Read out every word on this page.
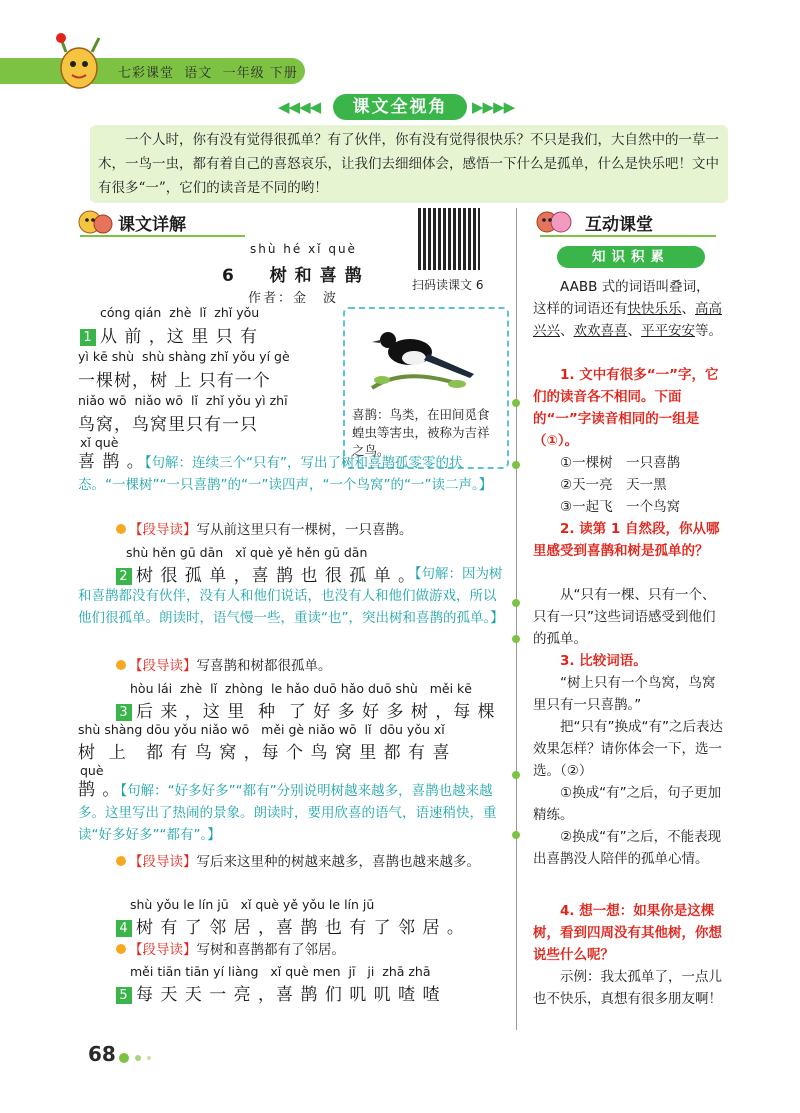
七彩课堂 语文 一年级 下册
◀◀◀◀	课文全视角	▶▶▶▶
一个人时，你有没有觉得很孤单？有了伙伴，你有没有觉得很快乐？不只是我们，大自然中的一草一木，一鸟一虫，都有着自己的喜怒哀乐，让我们去细细体会，感悟一下什么是孤单，什么是快乐吧！文中有很多“一”，它们的读音是不同的哟！
课文详解
shù hé xǐ què
6 树和喜鹊
作者：金　波
扫码读课文 6
喜鹊：鸟类，在田间觅食蝗虫等害虫，被称为吉祥之鸟。
cóng qián  zhè  lǐ  zhǐ yǒu
1 从 前 ，这 里 只 有
yì kē shù  shù shàng zhǐ yǒu yí gè
一棵树，树 上 只有一个
niǎo wō  niǎo wō  lǐ  zhǐ yǒu yì zhī
鸟窝，鸟窝里只有一只
xǐ què
喜 鹊 。【句解：连续三个“只有”，写出了树和喜鹊孤零零的状态。“一棵树”“一只喜鹊”的“一”读四声，“一个鸟窝”的“一”读二声。】
【段导读】写从前这里只有一棵树，一只喜鹊。
shù hěn gū dān   xǐ què yě hěn gū dān
2 树 很 孤 单 ，喜 鹊 也 很 孤 单 。
【句解：因为树和喜鹊都没有伙伴，没有人和他们说话，也没有人和他们做游戏，所以他们很孤单。朗读时，语气慢一些，重读“也”，突出树和喜鹊的孤单。】
【段导读】写喜鹊和树都很孤单。
hòu lái  zhè  lǐ  zhòng  le hǎo duō hǎo duō shù   měi kē
3 后 来 ，这 里  种  了 好 多 好 多 树 ，每 棵
shù shàng dōu yǒu niǎo wō   měi gè niǎo wō  lǐ  dōu yǒu xǐ
树  上   都 有 鸟 窝 ，每 个 鸟 窝 里 都 有 喜
què
鹊 。【句解：“好多好多”“都有”分别说明树越来越多，喜鹊也越来越多。这里写出了热闹的景象。朗读时，要用欣喜的语气，语速稍快，重读“好多好多”“都有”。】
【段导读】写后来这里种的树越来越多，喜鹊也越来越多。
shù yǒu le lín jū   xǐ què yě yǒu le lín jū
4 树 有 了 邻 居 ，喜 鹊 也 有 了 邻 居 。
【段导读】写树和喜鹊都有了邻居。
měi tiān tiān yí liàng   xǐ què men  jī   ji  zhā zhā
5 每 天 天 一 亮 ，喜 鹊 们 叽 叽 喳 喳
互动课堂
知识积累
AABB 式的词语叫叠词，这样的词语还有快快乐乐、高高兴兴、欢欢喜喜、平平安安等。
1. 文中有很多“一”字，它们的读音各不相同。下面的“一”字读音相同的一组是（①）。
①一棵树　一只喜鹊
②天一亮　天一黑
③一起飞　一个鸟窝
2. 读第 1 自然段，你从哪里感受到喜鹊和树是孤单的？
从“只有一棵、只有一个、只有一只”这些词语感受到他们的孤单。
3. 比较词语。
“树上只有一个鸟窝，鸟窝里只有一只喜鹊。”
把“只有”换成“有”之后表达效果怎样？请你体会一下，选一选。（②）
①换成“有”之后，句子更加精练。
②换成“有”之后，不能表现出喜鹊没人陪伴的孤单心情。
4. 想一想：如果你是这棵树，看到四周没有其他树，你想说些什么呢？
示例：我太孤单了，一点儿也不快乐，真想有很多朋友啊！
68
